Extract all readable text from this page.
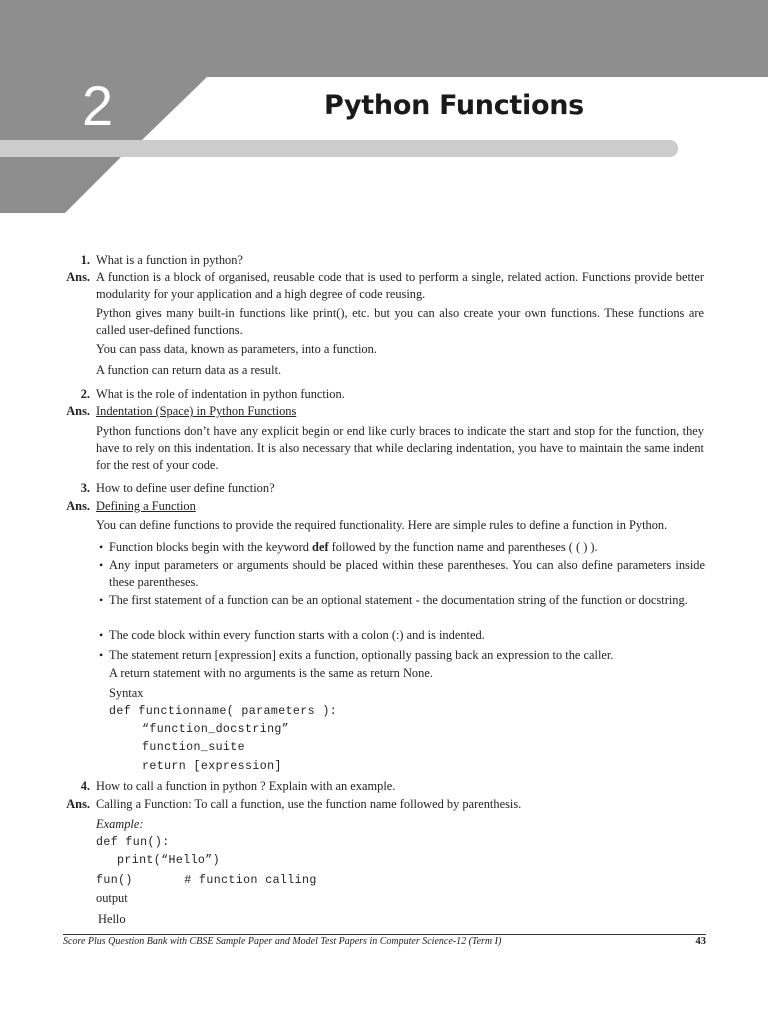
2	Python Functions
1. What is a function in python?
Ans. A function is a block of organised, reusable code that is used to perform a single, related action. Functions provide better modularity for your application and a high degree of code reusing.
Python gives many built-in functions like print(), etc. but you can also create your own functions. These functions are called user-defined functions.
You can pass data, known as parameters, into a function.
A function can return data as a result.
2. What is the role of indentation in python function.
Ans. Indentation (Space) in Python Functions
Python functions don’t have any explicit begin or end like curly braces to indicate the start and stop for the function, they have to rely on this indentation. It is also necessary that while declaring indentation, you have to maintain the same indent for the rest of your code.
3. How to define user define function?
Ans. Defining a Function
You can define functions to provide the required functionality. Here are simple rules to define a function in Python.
• Function blocks begin with the keyword def followed by the function name and parentheses ( ( ) ).
• Any input parameters or arguments should be placed within these parentheses. You can also define parameters inside these parentheses.
• The first statement of a function can be an optional statement - the documentation string of the function or docstring.
• The code block within every function starts with a colon (:) and is indented.
• The statement return [expression] exits a function, optionally passing back an expression to the caller.
A return statement with no arguments is the same as return None.
Syntax
def functionname( parameters ):
“function_docstring”
function_suite
return [expression]
4. How to call a function in python ? Explain with an example.
Ans. Calling a Function: To call a function, use the function name followed by parenthesis.
Example:
def fun():
print(“Hello”)
fun()       # function calling
output
Hello
Score Plus Question Bank with CBSE Sample Paper and Model Test Papers in Computer Science-12 (Term I)	43
